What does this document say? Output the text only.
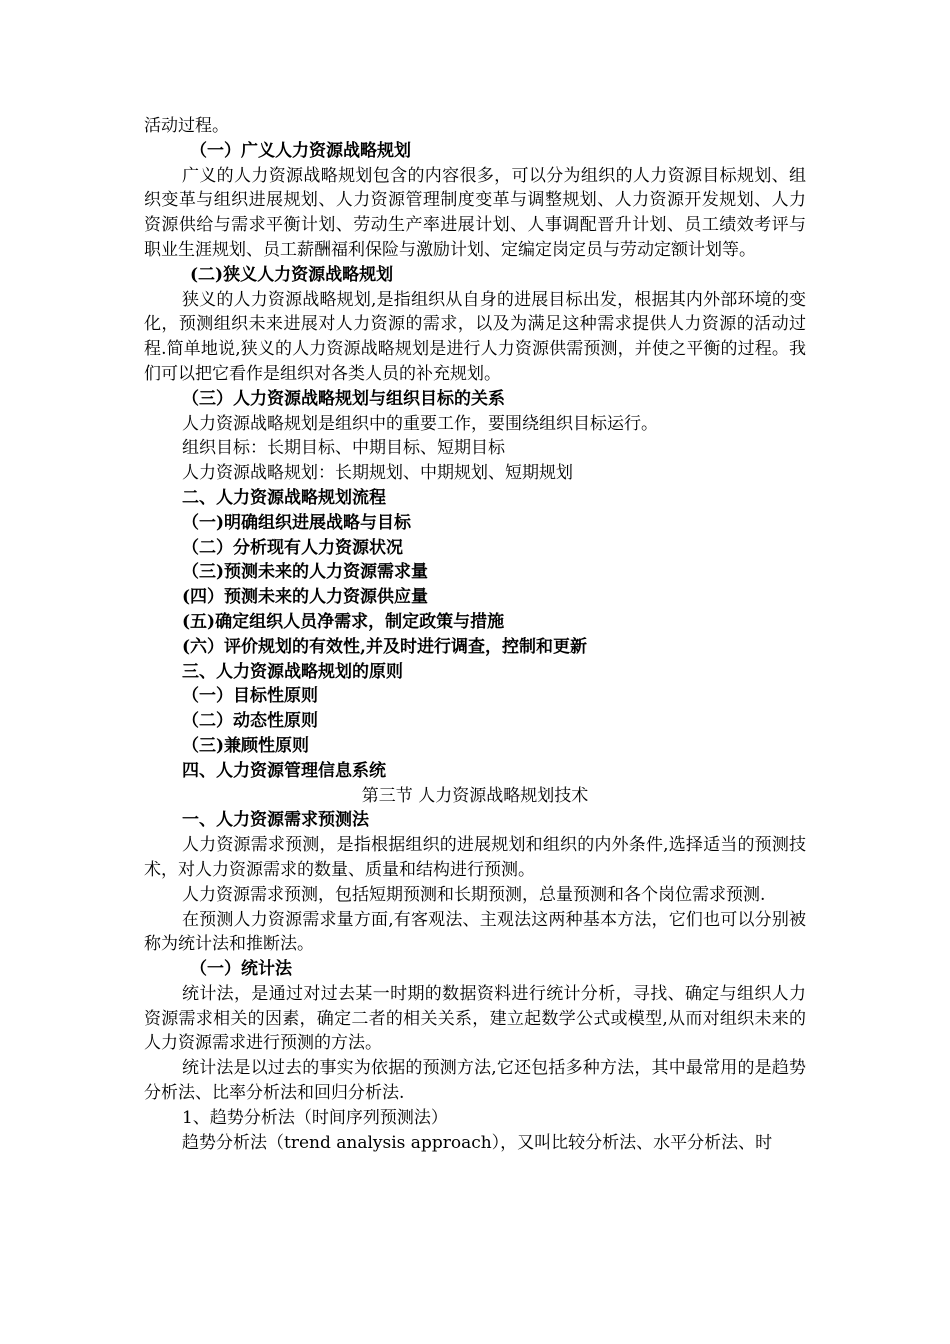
活动过程。

（一）广义人力资源战略规划

广义的人力资源战略规划包含的内容很多，可以分为组织的人力资源目标规划、组织变革与组织进展规划、人力资源管理制度变革与调整规划、人力资源开发规划、人力资源供给与需求平衡计划、劳动生产率进展计划、人事调配晋升计划、员工绩效考评与职业生涯规划、员工薪酬福利保险与激励计划、定编定岗定员与劳动定额计划等。

(二)狭义人力资源战略规划

狭义的人力资源战略规划,是指组织从自身的进展目标出发，根据其内外部环境的变化，预测组织未来进展对人力资源的需求，以及为满足这种需求提供人力资源的活动过程.简单地说,狭义的人力资源战略规划是进行人力资源供需预测，并使之平衡的过程。我们可以把它看作是组织对各类人员的补充规划。

（三）人力资源战略规划与组织目标的关系

人力资源战略规划是组织中的重要工作，要围绕组织目标运行。

组织目标：长期目标、中期目标、短期目标

人力资源战略规划：长期规划、中期规划、短期规划

二、人力资源战略规划流程

（一)明确组织进展战略与目标

（二）分析现有人力资源状况

（三)预测未来的人力资源需求量

(四）预测未来的人力资源供应量

(五)确定组织人员净需求，制定政策与措施

(六）评价规划的有效性,并及时进行调查，控制和更新

三、人力资源战略规划的原则

（一）目标性原则

（二）动态性原则

（三)兼顾性原则

四、人力资源管理信息系统

第三节 人力资源战略规划技术

一、人力资源需求预测法

人力资源需求预测，是指根据组织的进展规划和组织的内外条件,选择适当的预测技术，对人力资源需求的数量、质量和结构进行预测。

人力资源需求预测，包括短期预测和长期预测，总量预测和各个岗位需求预测.

在预测人力资源需求量方面,有客观法、主观法这两种基本方法，它们也可以分别被称为统计法和推断法。

（一）统计法

统计法，是通过对过去某一时期的数据资料进行统计分析，寻找、确定与组织人力资源需求相关的因素，确定二者的相关关系，建立起数学公式或模型,从而对组织未来的人力资源需求进行预测的方法。

统计法是以过去的事实为依据的预测方法,它还包括多种方法，其中最常用的是趋势分析法、比率分析法和回归分析法.

1、趋势分析法（时间序列预测法）

趋势分析法（trend analysis approach），又叫比较分析法、水平分析法、时
